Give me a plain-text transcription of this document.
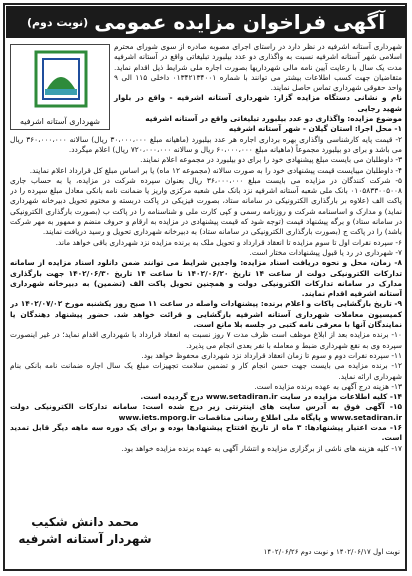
آگهی فراخوان مزایده عمومی
(نوبت دوم)
شهرداری آستانه اشرفیه

شهرداری آستانه اشرفیه در نظر دارد در راستای اجرای مصوبه صادره از سوی شورای محترم اسلامی شهر آستانه اشرفیه نسبت به واگذاری دو عدد بیلبورد تبلیغاتی واقع در آستانه اشرفیه مدت یک سال با رعایت آیین نامه مالی شهرداریها بصورت اجاره ملی شرایط ذیل اقدام نماید. متقاضیان جهت کسب اطلاعات بیشتر می توانند با شماره ۰۱۳۴۲۱۳۴۰۰۱ داخلی ۱۱۵ الی ۹ واحد حقوقی شهرداری تماس حاصل نمایند.

نام و نشانی دستگاه مزایده گزار: شهرداری آستانه اشرفیه - واقع در بلوار شهید رجایی

موضوع مزایده: واگذاری دو عدد بیلبورد تبلیغاتی واقع در آستانه اشرفیه

۱- محل اجرا: استان گیلان - شهر آستانه اشرفیه

۲- قیمت پایه کارشناسی واگذاری بهره برداری اجاره هر عدد بیلبورد (ماهیانه مبلغ ۳۰،۰۰۰،۰۰۰ ریال) سالانه ۳۶۰،۰۰۰،۰۰۰ ریال می باشد و برای دو بیلبورد مجموعاً (ماهیانه مبلغ ۶۰،۰۰۰،۰۰۰ ریال و سالانه ۷۲۰،۰۰۰،۰۰۰ ریال) اعلام میگردد.

۳- داوطلبان می بایست مبلغ پیشنهادی خود را برای دو بیلبورد در مجموعه اعلام نمایند.

۴- داوطلبان میبایست قیمت پیشنهادی خود را به صورت سالانه (مجموعه ۱۲ ماه) یا بر اساس مبلغ کل قرارداد اعلام نمایند.

۵- شرکت کنندگان در مزایده می بایست مبلغ ۳۶،۰۰۰،۰۰۰ ریال بعنوان سپرده شرکت در مزایده، یا به حساب جاری ۰۱۰۵۸۳۳۰۰۵۰۰۸ بانک ملی شعبه آستانه اشرفیه نزد بانک ملی شعبه مرکزی واریز یا ضمانت نامه بانکی معادل مبلغ سپرده را در پاکت الف (علاوه بر بارگذاری الکترونیکی در سامانه ستاد، بصورت فیزیکی در پاکت دربسته و مختوم تحویل دبیرخانه شهرداری نماید) و مدارک و اساسنامه شرکت و روزنامه رسمی و کپی کارت ملی و شناسنامه را در پاکت ب (بصورت بارگذاری الکترونیکی در سامانه ستاد) و برگه پیشنهاد قیمت (توجه شود که قیمت پیشنهادی در مزایده به ارقام و حروف منضم و ممهور به مهر شرکت باشد) را در پاکت ج (بصورت بارگذاری الکترونیکی در سامانه ستاد) به دبیرخانه شهرداری تحویل و رسید دریافت نمایند.

۶- سپرده نفرات اول تا سوم مزایده تا انعقاد قرارداد و تحویل ملک به برنده مزایده نزد شهرداری باقی خواهد ماند.

۷- شهرداری در رد یا قبول پیشنهادات مختار است.

۸- زمان، محل و نحوه دریافت اسناد مزایده: واجدین شرایط می توانند ضمن دانلود اسناد مزایده از سامانه تدارکات الکترونیکی دولت از ساعت ۱۴ تاریخ ۱۴۰۲/۰۶/۲۰ تا ساعت ۱۴ تاریخ ۱۴۰۲/۰۶/۳۰ جهت بارگذاری مدارک در سامانه تدارکات الکترونیکی دولت و همچنین تحویل پاکت الف (تضمین) به دبیرخانه شهرداری آستانه اشرفیه اقدام نمایند.

۹- تاریخ بازگشایی پاکات و اعلام برنده: پیشنهادات واصله در ساعت ۱۱ صبح روز یکشنبه مورخ ۱۴۰۲/۰۷/۰۲ در کمیسیون معاملات شهرداری آستانه اشرفیه بازگشایی و قرائت خواهد شد. حضور پیشنهاد دهندگان یا نمایندگان آنها با معرفی نامه کتبی در جلسه بلا مانع است.

۱۰- برنده مزایده بعد از ابلاغ موظف است ظرف مدت ۷ روز نسبت به انعقاد قرارداد با شهرداری اقدام نماید؛ در غیر اینصورت سپرده وی به نفع شهرداری ضبط و معامله با نفر بعدی انجام می پذیرد.

۱۱- سپرده نفرات دوم و سوم تا زمان انعقاد قرارداد نزد شهرداری محفوظ خواهد بود.

۱۲- برنده مزایده می بایست جهت حسن انجام کار و تضمین سلامت تجهیزات مبلغ یک سال اجاره ضمانت نامه بانکی بنام شهرداری ارائه نماید.

۱۳- هزینه درج آگهی به عهده برنده مزایده است.

۱۴- کلیه اطلاعات مزایده در سایت www.setadiran.ir درج گردیده است.

۱۵- آگهی فوق به آدرس سایت های اینترنتی زیر درج شده است: سامانه تدارکات الکترونیکی دولت www.setadiran.ir و پایگاه ملی اطلاع رسانی مناقصات www.iets.mporg.ir

۱۶- مدت اعتبار پیشنهادها: ۳ ماه از تاریخ افتتاح پیشنهادها بوده و برای یک دوره سه ماهه دیگر قابل تمدید است.

۱۷- کلیه هزینه های ناشی از برگزاری مزایده و انتشار آگهی به عهده برنده مزایده خواهد بود.

محمد دانش شکیب
شهردار آستانه اشرفیه
نوبت اول ۱۴۰۲/۰۶/۱۷ و نوبت دوم ۱۴۰۲/۰۶/۲۶
